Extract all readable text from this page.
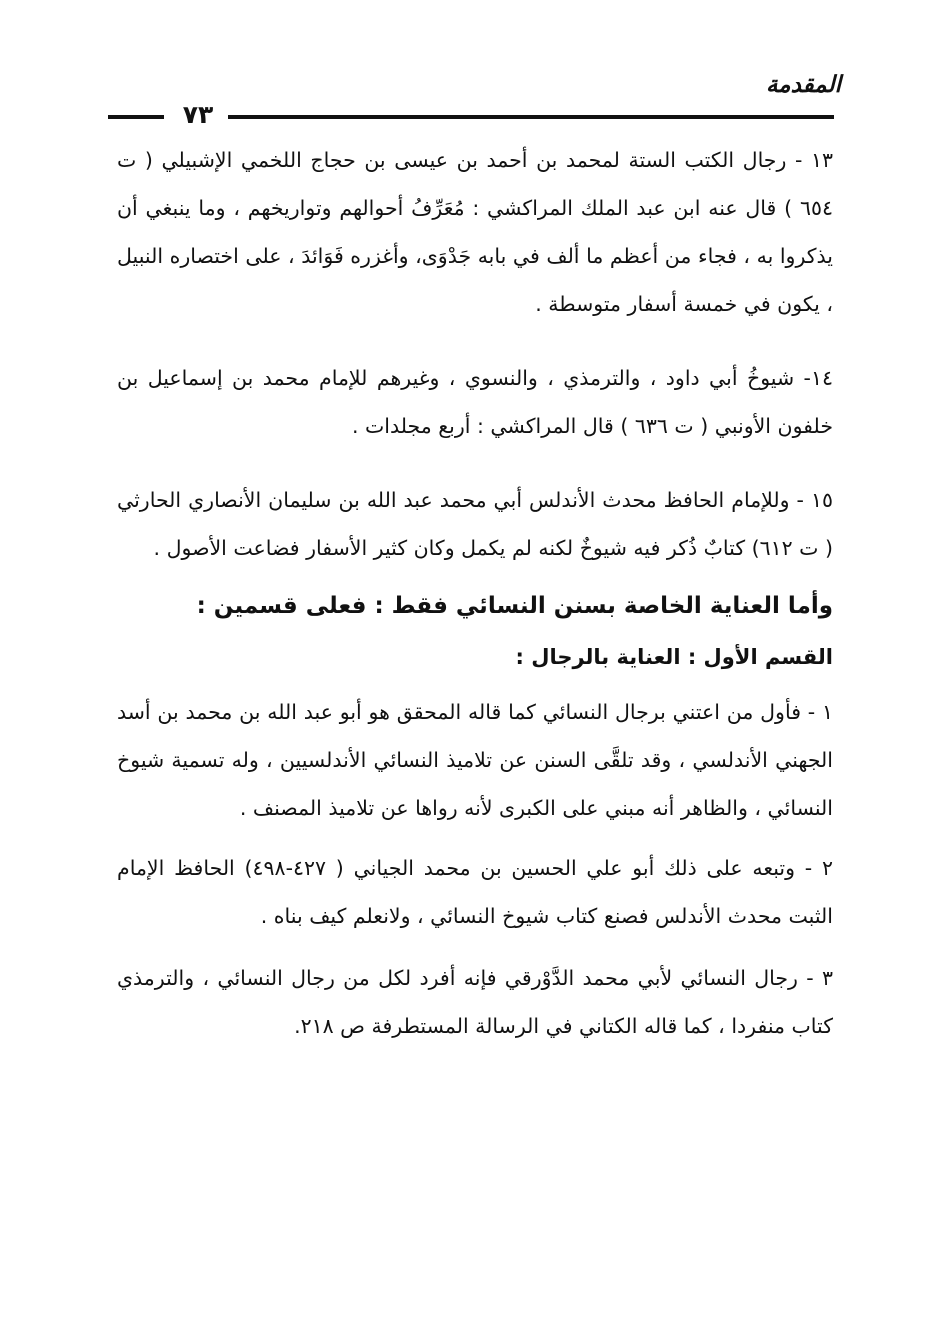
المقدمة
٧٣

١٣ - رجال الكتب الستة لمحمد بن أحمد بن عيسى بن حجاج اللخمي الإشبيلي ( ت ٦٥٤ ) قال عنه ابن عبد الملك المراكشي : مُعَرِّفُ أحوالهم وتواريخهم ، وما ينبغي أن يذكروا به ، فجاء من أعظم ما ألف في بابه جَدْوَى، وأغزره فَوَائدَ ، على اختصاره النبيل ، يكون في خمسة أسفار متوسطة .

١٤- شيوخُ أبي داود ، والترمذي ، والنسوي ، وغيرهم للإمام محمد بن إسماعيل بن خلفون الأونبي ( ت ٦٣٦ ) قال المراكشي : أربع مجلدات .

١٥ - وللإمام الحافظ محدث الأندلس أبي محمد عبد الله بن سليمان الأنصاري الحارثي ( ت ٦١٢) كتابٌ ذُكر فيه شيوخٌ لكنه لم يكمل وكان كثير الأسفار فضاعت الأصول .

وأما العناية الخاصة بسنن النسائي فقط : فعلى قسمين :

القسم الأول : العناية بالرجال :

١ - فأول من اعتني برجال النسائي كما قاله المحقق هو أبو عبد الله بن محمد بن أسد الجهني الأندلسي ، وقد تلقَّى السنن عن تلاميذ النسائي الأندلسيين ، وله تسمية شيوخ النسائي ، والظاهر أنه مبني على الكبرى لأنه رواها عن تلاميذ المصنف .

٢ - وتبعه على ذلك أبو علي الحسين بن محمد الجياني ( ٤٢٧-٤٩٨) الحافظ الإمام الثبت محدث الأندلس فصنع كتاب شيوخ النسائي ، ولانعلم كيف بناه .

٣ - رجال النسائي لأبي محمد الدَّوْرقي فإنه أفرد لكل من رجال النسائي ، والترمذي كتاب منفردا ، كما قاله الكتاني في الرسالة المستطرفة ص ٢١٨.
